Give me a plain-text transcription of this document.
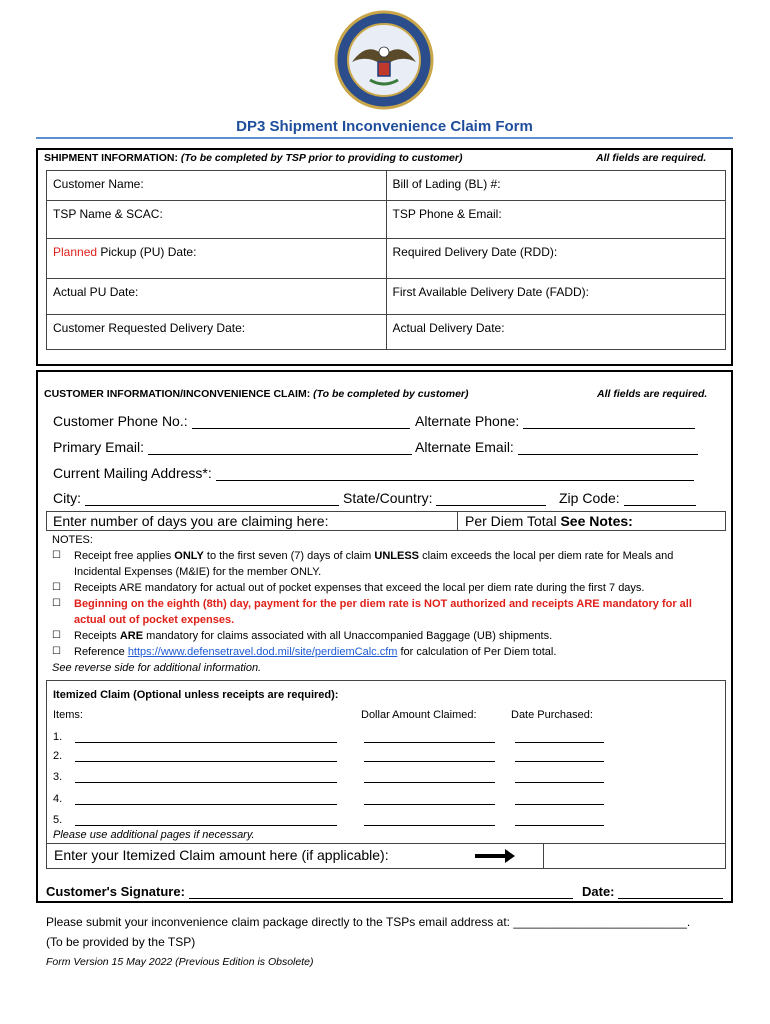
DP3 Shipment Inconvenience Claim Form
SHIPMENT INFORMATION: (To be completed by TSP prior to providing to customer)	All fields are required.
Customer Name:	Bill of Lading (BL) #:
TSP Name & SCAC:	TSP Phone & Email:
Planned Pickup (PU) Date:	Required Delivery Date (RDD):
Actual PU Date:	First Available Delivery Date (FADD):
Customer Requested Delivery Date:	Actual Delivery Date:
CUSTOMER INFORMATION/INCONVENIENCE CLAIM: (To be completed by customer)	All fields are required.
Customer Phone No.:	Alternate Phone:
Primary Email:	Alternate Email:
Current Mailing Address*:
City:	State/Country:	Zip Code:
Enter number of days you are claiming here:	Per Diem Total See Notes:
NOTES:
☐	Receipt free applies ONLY to the first seven (7) days of claim UNLESS claim exceeds the local per diem rate for Meals and Incidental Expenses (M&IE) for the member ONLY.
☐	Receipts ARE mandatory for actual out of pocket expenses that exceed the local per diem rate during the first 7 days.
☐	Beginning on the eighth (8th) day, payment for the per diem rate is NOT authorized and receipts ARE mandatory for all actual out of pocket expenses.
☐	Receipts ARE mandatory for claims associated with all Unaccompanied Baggage (UB) shipments.
☐	Reference https://www.defensetravel.dod.mil/site/perdiemCalc.cfm for calculation of Per Diem total.
See reverse side for additional information.
Itemized Claim (Optional unless receipts are required):
Items:	Dollar Amount Claimed:	Date Purchased:
1.
2.
3.
4.
5.
Please use additional pages if necessary.
Enter your Itemized Claim amount here (if applicable):
Customer's Signature:	Date:
Please submit your inconvenience claim package directly to the TSPs email address at: __________________________.
(To be provided by the TSP)
Form Version 15 May 2022 (Previous Edition is Obsolete)
